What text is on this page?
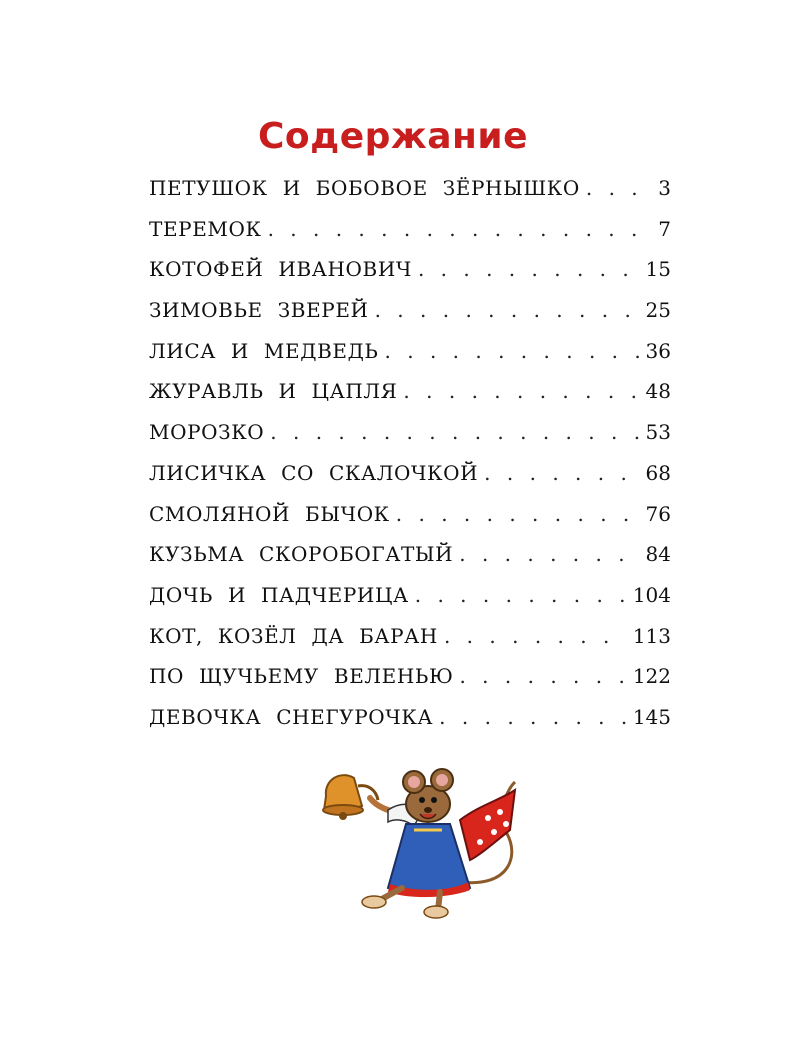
Содержание
ПЕТУШОК И БОБОВОЕ ЗЁРНЫШКО . . .	3
ТЕРЕМОК . . .	7
КОТОФЕЙ ИВАНОВИЧ . . .	15
ЗИМОВЬЕ ЗВЕРЕЙ . . .	25
ЛИСА И МЕДВЕДЬ . . .	36
ЖУРАВЛЬ И ЦАПЛЯ . . .	48
МОРОЗКО . . .	53
ЛИСИЧКА СО СКАЛОЧКОЙ . . .	68
СМОЛЯНОЙ БЫЧОК . . .	76
КУЗЬМА СКОРОБОГАТЫЙ . . .	84
ДОЧЬ И ПАДЧЕРИЦА . . .	104
КОТ, КОЗЁЛ ДА БАРАН . . .	113
ПО ЩУЧЬЕМУ ВЕЛЕНЬЮ . . .	122
ДЕВОЧКА СНЕГУРОЧКА . . .	145
